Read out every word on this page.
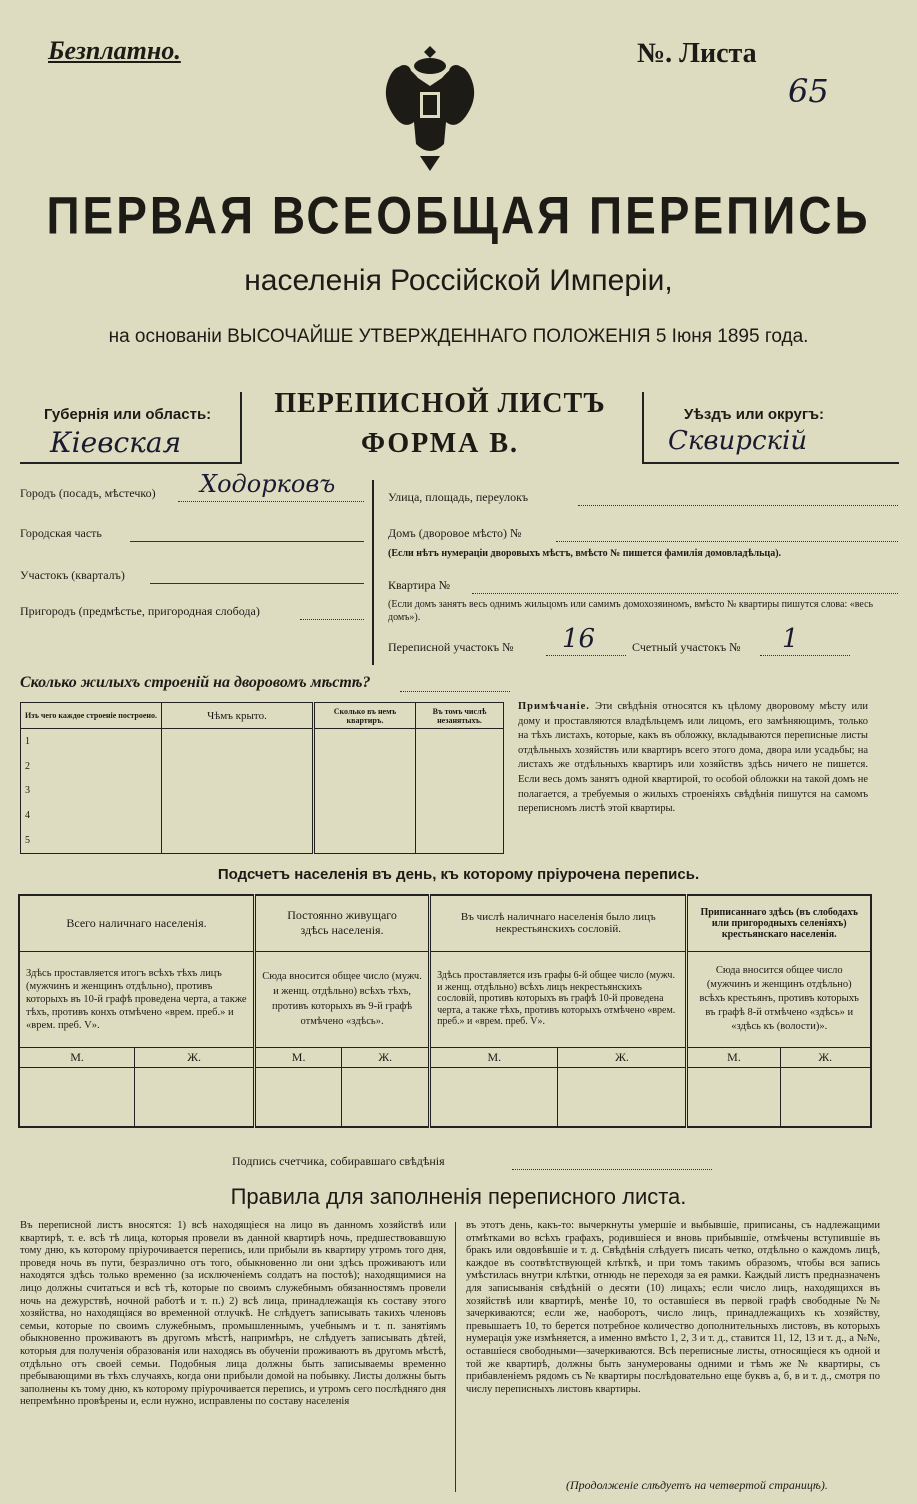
Безплатно.	№. Листа
65
ПЕРВАЯ ВСЕОБЩАЯ ПЕРЕПИСЬ
населенія Россійской Имперіи,
на основаніи ВЫСОЧАЙШЕ УТВЕРЖДЕННАГО ПОЛОЖЕНІЯ 5 Іюня 1895 года.
Губернія или область:
Кіевская
ПЕРЕПИСНОЙ ЛИСТЪ
ФОРМА В.
Уѣздъ или округъ:
Сквирскій
Городъ (посадъ, мѣстечко)	Ходорковъ
Городская часть
Участокъ (кварталъ)
Пригородъ (предмѣстье, пригородная слобода)
Улица, площадь, переулокъ
Домъ (дворовое мѣсто) №
(Если нѣтъ нумераціи дворовыхъ мѣстъ, вмѣсто № пишется фамилія домовладѣльца).
Квартира №
(Если домъ занятъ весь однимъ жильцомъ или самимъ домохозяиномъ, вмѣсто № квартиры пишутся слова: «весь домъ»).
Переписной участокъ № 16	Счетный участокъ № 1
Сколько жилыхъ строеній на дворовомъ мѣстѣ?
Изъ чего каждое строеніе построено.	Чѣмъ крыто.	Сколько въ немъ квартиръ.	Въ томъ числѣ незанятыхъ.
1			
2			
3			
4			
5			
Примѣчаніе. Эти свѣдѣнія относятся къ цѣлому дворовому мѣсту или дому и проставляются владѣльцемъ или лицомъ, его замѣняющимъ, только на тѣхъ листахъ, которые, какъ въ обложку, вкладываются переписные листы отдѣльныхъ хозяйствъ или квартиръ всего этого дома, двора или усадьбы; на листахъ же отдѣльныхъ квартиръ или хозяйствъ здѣсь ничего не пишется. Если весь домъ занятъ одной квартирой, то особой обложки на такой домъ не полагается, а требуемыя о жилыхъ строеніяхъ свѣдѣнія пишутся на самомъ переписномъ листѣ этой квартиры.
Подсчетъ населенія въ день, къ которому пріурочена перепись.
Всего наличнаго населенія.		Постоянно живущаго здѣсь населенія.		Въ числѣ наличнаго населенія было лицъ некрестьянскихъ сословій.		Приписаннаго здѣсь (въ слободахъ или пригородныхъ селеніяхъ) крестьянскаго населенія.	
Здѣсь проставляется итогъ всѣхъ тѣхъ лицъ (мужчинъ и женщинъ отдѣльно), противъ которыхъ въ 10-й графѣ проведена черта, а также тѣхъ, противъ конхъ отмѣчено «врем. преб.» и «врем. преб. V».		Сюда вносится общее число (мужч. и женщ. отдѣльно) всѣхъ тѣхъ, противъ которыхъ въ 9-й графѣ отмѣчено «здѣсь».		Здѣсь проставляется изъ графы 6-й общее число (мужч. и женщ. отдѣльно) всѣхъ лицъ некрестьянскихъ сословій, противъ которыхъ въ графѣ 10-й проведена черта, а также тѣхъ, противъ которыхъ отмѣчено «врем. преб.» и «врем. преб. V».		Сюда вносится общее число (мужчинъ и женщинъ отдѣльно) всѣхъ крестьянъ, противъ которыхъ въ графѣ 8-й отмѣчено «здѣсь» и «здѣсь къ (волости)».	
М.	Ж.	М.	Ж.	М.	Ж.	М.	Ж.

Подпись счетчика, собиравшаго свѣдѣнія
Правила для заполненія переписного листа.
Въ переписной листъ вносятся: 1) всѣ находящіеся на лицо въ данномъ хозяйствѣ или квартирѣ, т. е. всѣ тѣ лица, которыя провели въ данной квартирѣ ночь, предшествовавшую тому дню, къ которому пріурочивается перепись, или прибыли въ квартиру утромъ того дня, проведя ночь въ пути, безразлично отъ того, обыкновенно ли они здѣсь проживаютъ или находятся здѣсь только временно (за исключеніемъ солдатъ на постоѣ); находящимися на лицо должны считаться и всѣ тѣ, которые по своимъ служебнымъ обязанностямъ провели ночь на дежурствѣ, ночной работѣ и т. п.) 2) всѣ лица, принадлежащія къ составу этого хозяйства, но находящіяся во временной отлучкѣ. Не слѣдуетъ записывать такихъ членовъ семьи, которые по своимъ служебнымъ, промышленнымъ, учебнымъ и т. п. занятіямъ обыкновенно проживаютъ въ другомъ мѣстѣ, напримѣръ, не слѣдуетъ записывать дѣтей, которыя для полученія образованія или находясь въ обученіи проживаютъ въ другомъ мѣстѣ, отдѣльно отъ своей семьи. Подобныя лица должны быть записываемы временно пребывающими въ тѣхъ случаяхъ, когда они прибыли домой на побывку. Листы должны быть заполнены къ тому дню, къ которому пріурочивается перепись, и утромъ сего послѣдняго дня непремѣнно провѣрены и, если нужно, исправлены по составу населенія
въ этотъ день, какъ-то: вычеркнуты умершіе и выбывшіе, приписаны, съ надлежащими отмѣтками во всѣхъ графахъ, родившіеся и вновь прибывшіе, отмѣчены вступившіе въ бракъ или овдовѣвшіе и т. д. Свѣдѣнія слѣдуетъ писать четко, отдѣльно о каждомъ лицѣ, каждое въ соотвѣтствующей клѣткѣ, и при томъ такимъ образомъ, чтобы вся запись умѣстилась внутри клѣтки, отнюдь не переходя за ея рамки. Каждый листъ предназначенъ для записыванія свѣдѣній о десяти (10) лицахъ; если число лицъ, находящихся въ хозяйствѣ или квартирѣ, менѣе 10, то оставшіеся въ первой графѣ свободные №№ зачеркиваются; если же, наоборотъ, число лицъ, принадлежащихъ къ хозяйству, превышаетъ 10, то берется потребное количество дополнительныхъ листовъ, въ которыхъ нумерація уже измѣняется, а именно вмѣсто 1, 2, 3 и т. д., ставится 11, 12, 13 и т. д., а №№, оставшіеся свободными—зачеркиваются. Всѣ переписные листы, относящіеся къ одной и той же квартирѣ, должны быть занумерованы одними и тѣмъ же № квартиры, съ прибавленіемъ рядомъ съ № квартиры послѣдовательно еще буквъ а, б, в и т. д., смотря по числу переписныхъ листовъ квартиры.
(Продолженіе слѣдуетъ на четвертой страницѣ).
